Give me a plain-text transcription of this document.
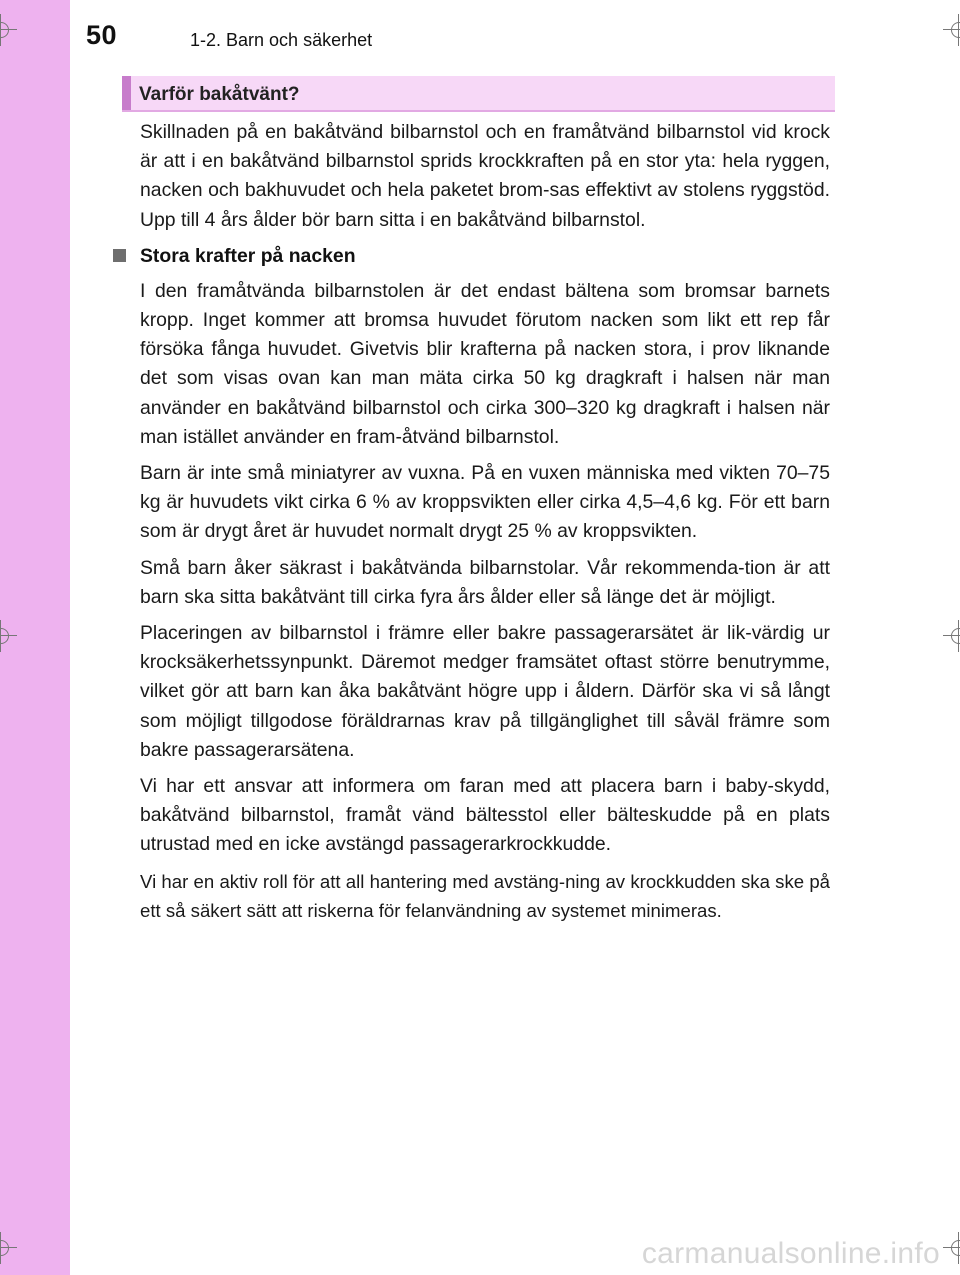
50	1-2. Barn och säkerhet
Varför bakåtvänt?

Skillnaden på en bakåtvänd bilbarnstol och en framåtvänd bilbarnstol vid krock är att i en bakåtvänd bilbarnstol sprids krockkraften på en stor yta: hela ryggen, nacken och bakhuvudet och hela paketet brom-sas effektivt av stolens ryggstöd. Upp till 4 års ålder bör barn sitta i en bakåtvänd bilbarnstol.

Stora krafter på nacken

I den framåtvända bilbarnstolen är det endast bältena som bromsar barnets kropp. Inget kommer att bromsa huvudet förutom nacken som likt ett rep får försöka fånga huvudet. Givetvis blir krafterna på nacken stora, i prov liknande det som visas ovan kan man mäta cirka 50 kg dragkraft i halsen när man använder en bakåtvänd bilbarnstol och cirka 300–320 kg dragkraft i halsen när man istället använder en fram-åtvänd bilbarnstol.

Barn är inte små miniatyrer av vuxna. På en vuxen människa med vikten 70–75 kg är huvudets vikt cirka 6 % av kroppsvikten eller cirka 4,5–4,6 kg. För ett barn som är drygt året är huvudet normalt drygt 25 % av kroppsvikten.

Små barn åker säkrast i bakåtvända bilbarnstolar. Vår rekommenda-tion är att barn ska sitta bakåtvänt till cirka fyra års ålder eller så länge det är möjligt.

Placeringen av bilbarnstol i främre eller bakre passagerarsätet är lik-värdig ur krocksäkerhetssynpunkt. Däremot medger framsätet oftast större benutrymme, vilket gör att barn kan åka bakåtvänt högre upp i åldern. Därför ska vi så långt som möjligt tillgodose föräldrarnas krav på tillgänglighet till såväl främre som bakre passagerarsätena.

Vi har ett ansvar att informera om faran med att placera barn i baby-skydd, bakåtvänd bilbarnstol, framåt vänd bältesstol eller bälteskudde på en plats utrustad med en icke avstängd passagerarkrockkudde.

Vi har en aktiv roll för att all hantering med avstäng-ning av krockkudden ska ske på ett så säkert sätt att riskerna för felanvändning av systemet minimeras.

carmanualsonline.info
